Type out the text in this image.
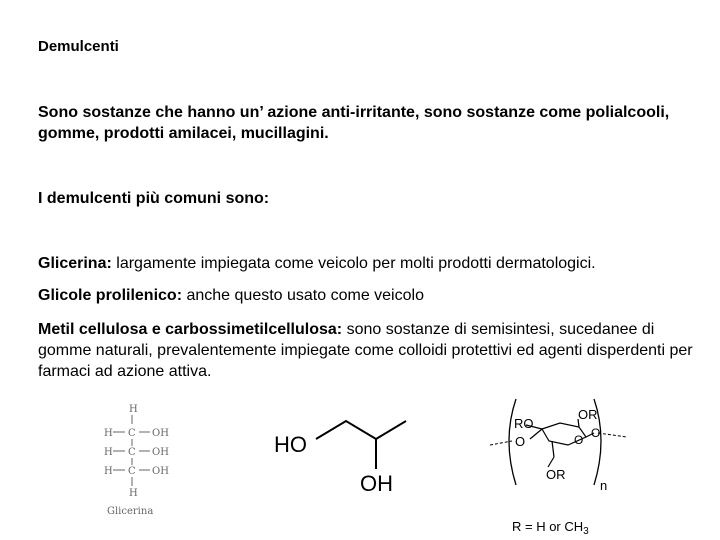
Demulcenti
Sono sostanze che hanno un’ azione anti-irritante, sono sostanze come polialcooli, gomme, prodotti amilacei, mucillagini.
I demulcenti più comuni sono:
Glicerina: largamente impiegata come veicolo per molti prodotti dermatologici.
Glicole prolilenico: anche questo usato come veicolo
Metil cellulosa e carbossimetilcellulosa: sono sostanze di semisintesi, sucedanee di gomme naturali, prevalentemente impiegate come colloidi protettivi ed agenti disperdenti per farmaci ad azione attiva.
H
H C OH
H C OH
H C OH
H
Glicerina
HO
OH
RO
OR
O	O O
OR
n
R = H or $CH_3$
